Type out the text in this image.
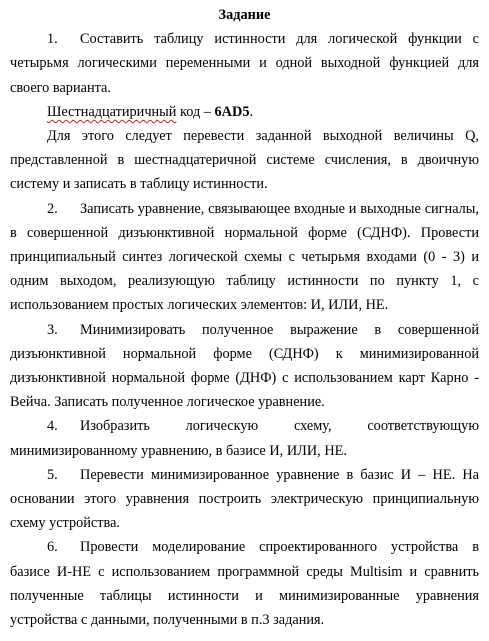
Задание

1. Составить таблицу истинности для логической функции с четырьмя логическими переменными и одной выходной функцией для своего варианта.

Шестнадцатиричный код – 6AD5.

Для этого следует перевести заданной выходной величины Q, представленной в шестнадцатеричной системе счисления, в двоичную систему и записать в таблицу истинности.

2. Записать уравнение, связывающее входные и выходные сигналы, в совершенной дизъюнктивной нормальной форме (СДНФ). Провести принципиальный синтез логической схемы с четырьмя входами (0 - 3) и одним выходом, реализующую таблицу истинности по пункту 1, с использованием простых логических элементов: И, ИЛИ, НЕ.

3. Минимизировать полученное выражение в совершенной дизъюнктивной нормальной форме (СДНФ) к минимизированной дизъюнктивной нормальной форме (ДНФ) с использованием карт Карно - Вейча. Записать полученное логическое уравнение.

4. Изобразить логическую схему, соответствующую минимизированному уравнению, в базисе И, ИЛИ, НЕ.

5. Перевести минимизированное уравнение в базис И – НЕ. На основании этого уравнения построить электрическую принципиальную схему устройства.

6. Провести моделирование спроектированного устройства в базисе И-НЕ с использованием программной среды Multisim и сравнить полученные таблицы истинности и минимизированные уравнения устройства с данными, полученными в п.3 задания.
